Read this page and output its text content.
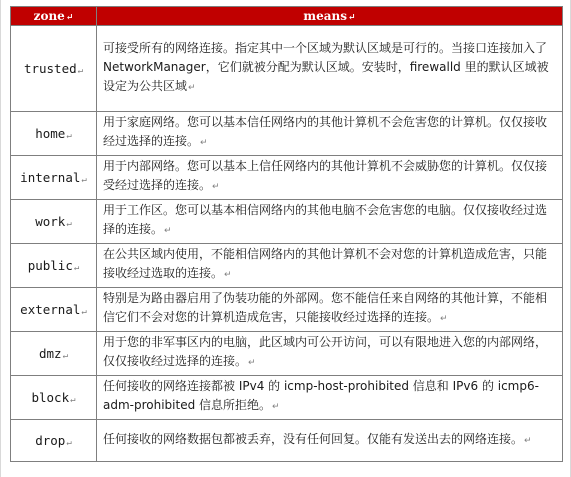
zone↵	means↵
trusted↵	可接受所有的网络连接。指定其中一个区域为默认区域是可行的。当接口连接加入了 NetworkManager，它们就被分配为默认区域。安装时，firewalld 里的默认区域被设定为公共区域↵
home↵	用于家庭网络。您可以基本信任网络内的其他计算机不会危害您的计算机。仅仅接收经过选择的连接。↵
internal↵	用于内部网络。您可以基本上信任网络内的其他计算机不会威胁您的计算机。仅仅接受经过选择的连接。↵
work↵	用于工作区。您可以基本相信网络内的其他电脑不会危害您的电脑。仅仅接收经过选择的连接。↵
public↵	在公共区域内使用，不能相信网络内的其他计算机不会对您的计算机造成危害，只能接收经过选取的连接。↵
external↵	特别是为路由器启用了伪装功能的外部网。您不能信任来自网络的其他计算，不能相信它们不会对您的计算机造成危害，只能接收经过选择的连接。↵
dmz↵	用于您的非军事区内的电脑，此区域内可公开访问，可以有限地进入您的内部网络，仅仅接收经过选择的连接。↵
block↵	任何接收的网络连接都被 IPv4 的 icmp-host-prohibited 信息和 IPv6 的 icmp6-adm-prohibited 信息所拒绝。↵
drop↵	任何接收的网络数据包都被丢弃，没有任何回复。仅能有发送出去的网络连接。↵
